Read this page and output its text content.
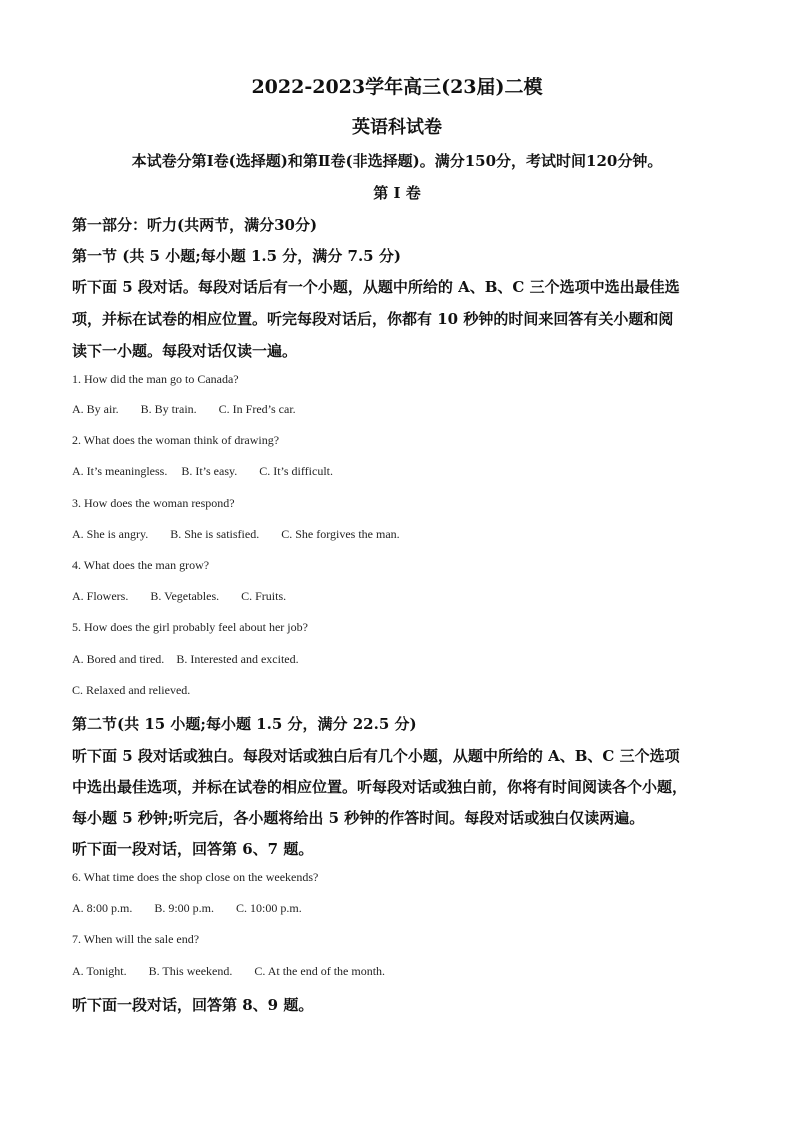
2022-2023学年高三(23届)二模
英语科试卷
本试卷分第Ⅰ卷(选择题)和第Ⅱ卷(非选择题)。满分150分，考试时间120分钟。
第 I 卷
第一部分：听力(共两节，满分30分)
第一节 (共 5 小题;每小题 1.5 分，满分 7.5 分)
听下面 5 段对话。每段对话后有一个小题，从题中所给的 A、B、C 三个选项中选出最佳选
项，并标在试卷的相应位置。听完每段对话后，你都有 10 秒钟的时间来回答有关小题和阅
读下一小题。每段对话仅读一遍。
1. How did the man go to Canada?
A. By air. B. By train. C. In Fred’s car.
2. What does the woman think of drawing?
A. It’s meaningless. B. It’s easy. C. It’s difficult.
3. How does the woman respond?
A. She is angry. B. She is satisfied. C. She forgives the man.
4. What does the man grow?
A. Flowers. B. Vegetables. C. Fruits.
5. How does the girl probably feel about her job?
A. Bored and tired. B. Interested and excited.
C. Relaxed and relieved.
第二节(共 15 小题;每小题 1.5 分，满分 22.5 分)
听下面 5 段对话或独白。每段对话或独白后有几个小题，从题中所给的 A、B、C 三个选项
中选出最佳选项，并标在试卷的相应位置。听每段对话或独白前，你将有时间阅读各个小题，
每小题 5 秒钟;听完后，各小题将给出 5 秒钟的作答时间。每段对话或独白仅读两遍。
听下面一段对话，回答第 6、7 题。
6. What time does the shop close on the weekends?
A. 8:00 p.m. B. 9:00 p.m. C. 10:00 p.m.
7. When will the sale end?
A. Tonight. B. This weekend. C. At the end of the month.
听下面一段对话，回答第 8、9 题。
